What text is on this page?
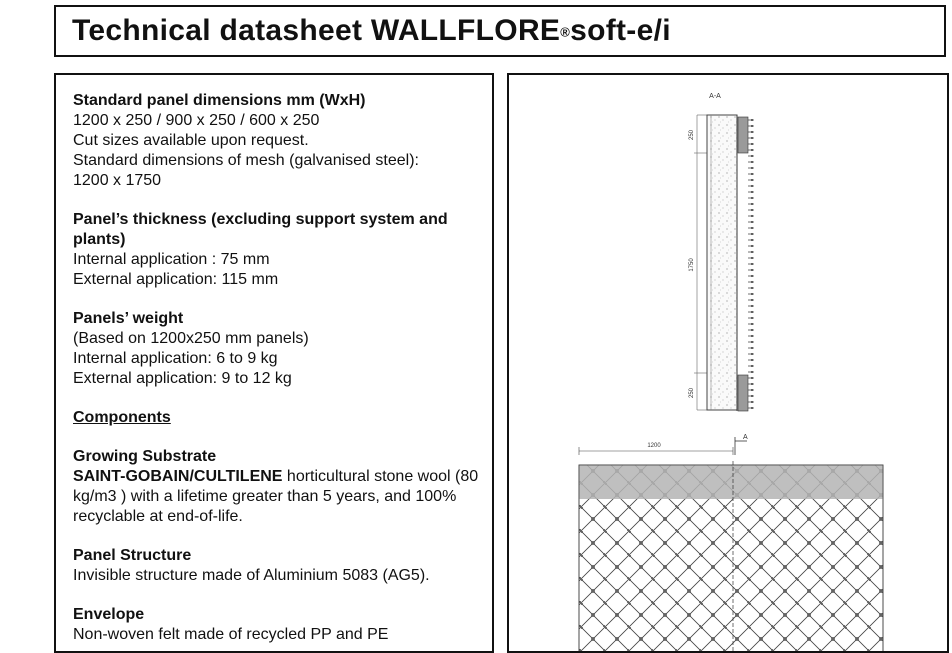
Technical datasheet WALLFLORE®soft-e/i
Standard panel dimensions mm (WxH)
1200 x 250 / 900 x 250 / 600 x 250
Cut sizes available upon request.
Standard dimensions of mesh (galvanised steel):
1200 x 1750
Panel’s thickness (excluding support system and plants)
Internal application : 75 mm
External application: 115 mm
Panels’ weight
(Based on 1200x250 mm panels)
Internal application: 6 to 9 kg
External application: 9 to 12 kg
Components
Growing Substrate
SAINT-GOBAIN/CULTILENE horticultural stone wool (80 kg/m3 ) with a lifetime greater than 5 years, and 100% recyclable at end-of-life.
Panel Structure
Invisible structure made of Aluminium 5083 (AG5).
Envelope
Non-woven felt made of recycled PP and PE
A-A
250
1750
250
1200
A
